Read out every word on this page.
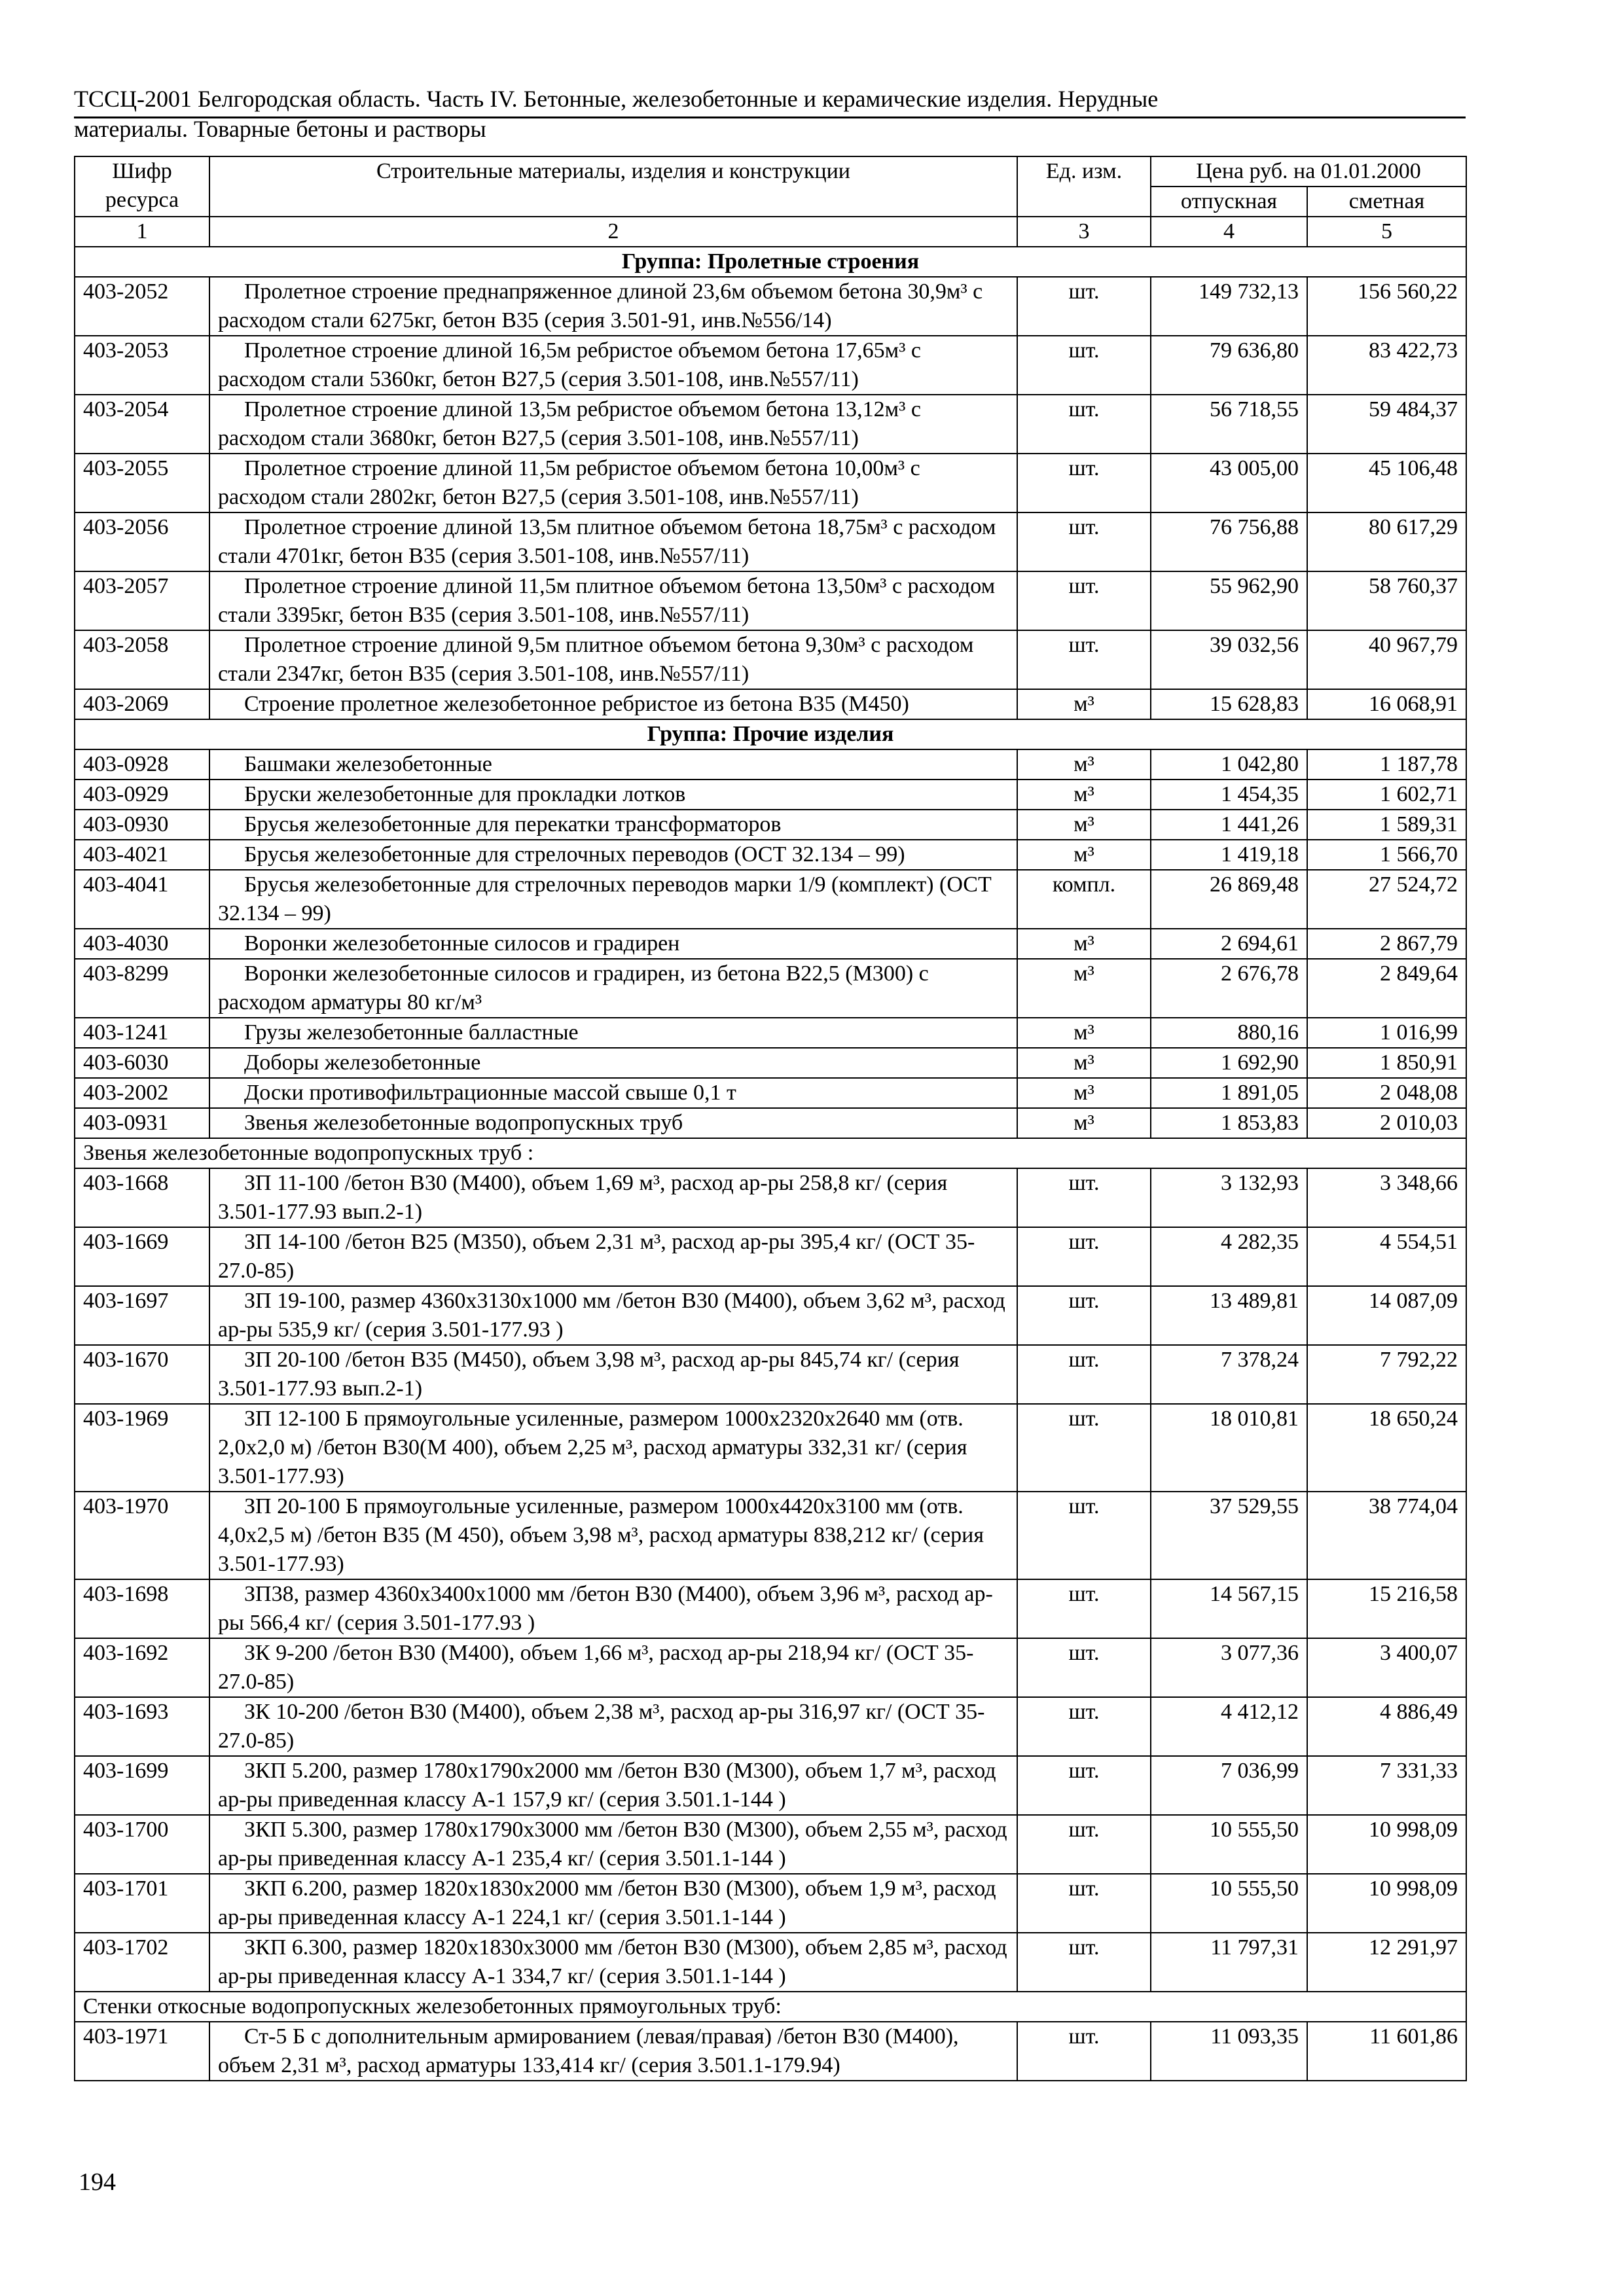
ТССЦ-2001 Белгородская область. Часть IV. Бетонные, железобетонные и керамические изделия. Нерудные
материалы. Товарные бетоны и растворы
Шифр ресурса	Строительные материалы, изделия и конструкции	Ед. изм.	Цена руб. на 01.01.2000	
			отпускная	сметная
1	2	3	4	5
Группа: Пролетные строения				
403-2052	Пролетное строение преднапряженное длиной 23,6м объемом бетона 30,9м³ с расходом стали 6275кг, бетон В35 (серия 3.501-91, инв.№556/14)	шт.	149 732,13	156 560,22
403-2053	Пролетное строение длиной 16,5м ребристое объемом бетона 17,65м³ с расходом стали 5360кг, бетон В27,5 (серия 3.501-108, инв.№557/11)	шт.	79 636,80	83 422,73
403-2054	Пролетное строение длиной 13,5м ребристое объемом бетона 13,12м³ с расходом стали 3680кг, бетон В27,5 (серия 3.501-108, инв.№557/11)	шт.	56 718,55	59 484,37
403-2055	Пролетное строение длиной 11,5м ребристое объемом бетона 10,00м³ с расходом стали 2802кг, бетон В27,5 (серия 3.501-108, инв.№557/11)	шт.	43 005,00	45 106,48
403-2056	Пролетное строение длиной 13,5м плитное объемом бетона 18,75м³ с расходом стали 4701кг, бетон В35 (серия 3.501-108, инв.№557/11)	шт.	76 756,88	80 617,29
403-2057	Пролетное строение длиной 11,5м плитное объемом бетона 13,50м³ с расходом стали 3395кг, бетон В35 (серия 3.501-108, инв.№557/11)	шт.	55 962,90	58 760,37
403-2058	Пролетное строение длиной 9,5м плитное объемом бетона 9,30м³ с расходом стали 2347кг, бетон В35 (серия 3.501-108, инв.№557/11)	шт.	39 032,56	40 967,79
403-2069	Строение пролетное железобетонное ребристое из бетона В35 (М450)	м³	15 628,83	16 068,91
Группа: Прочие изделия				
403-0928	Башмаки железобетонные	м³	1 042,80	1 187,78
403-0929	Бруски железобетонные для прокладки лотков	м³	1 454,35	1 602,71
403-0930	Брусья железобетонные для перекатки трансформаторов	м³	1 441,26	1 589,31
403-4021	Брусья железобетонные для стрелочных переводов (ОСТ 32.134 – 99)	м³	1 419,18	1 566,70
403-4041	Брусья железобетонные для стрелочных переводов марки 1/9 (комплект) (ОСТ 32.134 – 99)	компл.	26 869,48	27 524,72
403-4030	Воронки железобетонные силосов и градирен	м³	2 694,61	2 867,79
403-8299	Воронки железобетонные силосов и градирен, из бетона В22,5 (М300) с расходом арматуры 80 кг/м³	м³	2 676,78	2 849,64
403-1241	Грузы железобетонные балластные	м³	880,16	1 016,99
403-6030	Доборы железобетонные	м³	1 692,90	1 850,91
403-2002	Доски противофильтрационные массой свыше 0,1 т	м³	1 891,05	2 048,08
403-0931	Звенья железобетонные водопропускных труб	м³	1 853,83	2 010,03
Звенья железобетонные водопропускных труб :				
403-1668	ЗП 11-100 /бетон В30 (М400), объем 1,69 м³, расход ар-ры 258,8 кг/ (серия 3.501-177.93 вып.2-1)	шт.	3 132,93	3 348,66
403-1669	ЗП 14-100 /бетон В25 (М350), объем 2,31 м³, расход ар-ры 395,4 кг/ (ОСТ 35-27.0-85)	шт.	4 282,35	4 554,51
403-1697	ЗП 19-100, размер 4360х3130х1000 мм /бетон В30 (М400), объем 3,62 м³, расход ар-ры 535,9 кг/ (серия 3.501-177.93 )	шт.	13 489,81	14 087,09
403-1670	ЗП 20-100 /бетон В35 (М450), объем 3,98 м³, расход ар-ры 845,74 кг/ (серия 3.501-177.93 вып.2-1)	шт.	7 378,24	7 792,22
403-1969	ЗП 12-100 Б прямоугольные усиленные, размером 1000х2320х2640 мм (отв. 2,0х2,0 м) /бетон В30(М 400), объем 2,25 м³, расход арматуры 332,31 кг/ (серия 3.501-177.93)	шт.	18 010,81	18 650,24
403-1970	ЗП 20-100 Б прямоугольные усиленные, размером 1000х4420х3100 мм (отв. 4,0х2,5 м) /бетон В35 (М 450), объем 3,98 м³, расход арматуры 838,212 кг/ (серия 3.501-177.93)	шт.	37 529,55	38 774,04
403-1698	ЗП38, размер 4360х3400х1000 мм /бетон В30 (М400), объем 3,96 м³, расход ар-ры 566,4 кг/ (серия 3.501-177.93 )	шт.	14 567,15	15 216,58
403-1692	ЗК 9-200 /бетон В30 (М400), объем 1,66 м³, расход ар-ры 218,94 кг/ (ОСТ 35-27.0-85)	шт.	3 077,36	3 400,07
403-1693	ЗК 10-200 /бетон В30 (М400), объем 2,38 м³, расход ар-ры 316,97 кг/ (ОСТ 35-27.0-85)	шт.	4 412,12	4 886,49
403-1699	ЗКП 5.200, размер 1780х1790х2000 мм /бетон В30 (М300), объем 1,7 м³, расход ар-ры приведенная классу А-1 157,9 кг/ (серия 3.501.1-144 )	шт.	7 036,99	7 331,33
403-1700	ЗКП 5.300, размер 1780х1790х3000 мм /бетон В30 (М300), объем 2,55 м³, расход ар-ры приведенная классу А-1 235,4 кг/ (серия 3.501.1-144 )	шт.	10 555,50	10 998,09
403-1701	ЗКП 6.200, размер 1820х1830х2000 мм /бетон В30 (М300), объем 1,9 м³, расход ар-ры приведенная классу А-1 224,1 кг/ (серия 3.501.1-144 )	шт.	10 555,50	10 998,09
403-1702	ЗКП 6.300, размер 1820х1830х3000 мм /бетон В30 (М300), объем 2,85 м³, расход ар-ры приведенная классу А-1 334,7 кг/ (серия 3.501.1-144 )	шт.	11 797,31	12 291,97
Стенки откосные водопропускных железобетонных прямоугольных труб:				
403-1971	Ст-5 Б с дополнительным армированием (левая/правая) /бетон В30 (М400), объем 2,31 м³, расход арматуры 133,414 кг/ (серия 3.501.1-179.94)	шт.	11 093,35	11 601,86
194
